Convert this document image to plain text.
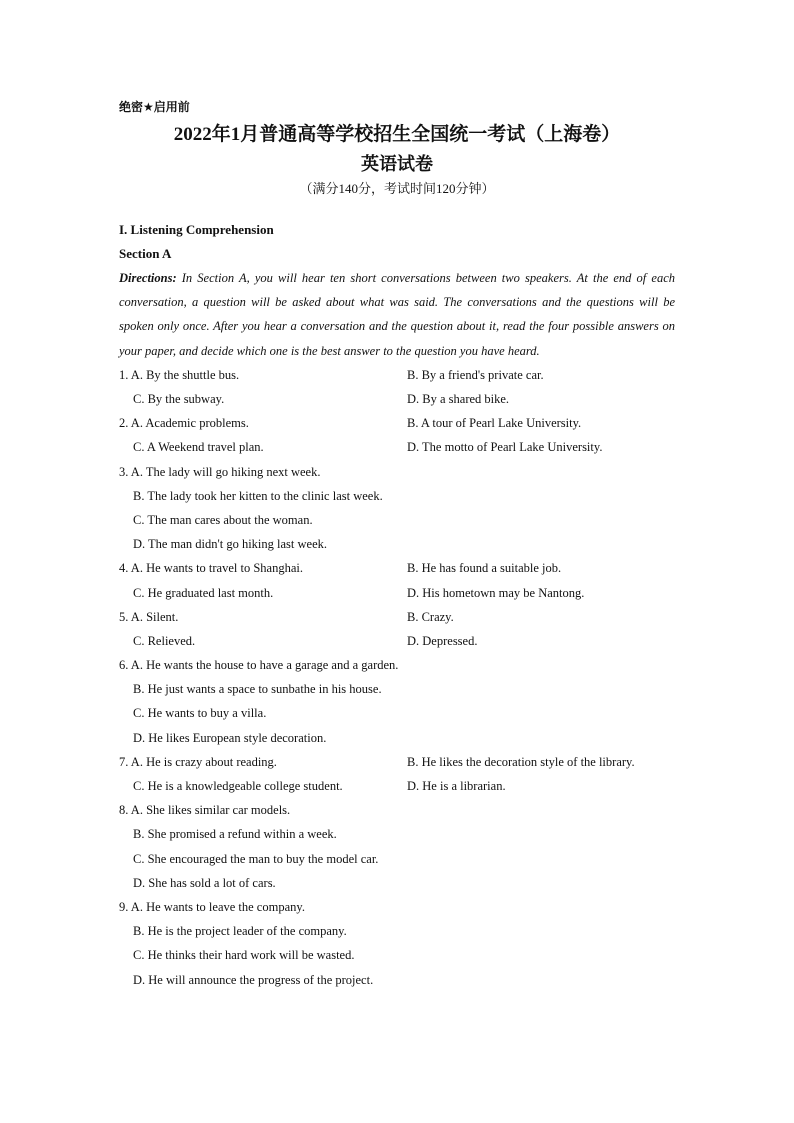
绝密★启用前
2022年1月普通高等学校招生全国统一考试（上海卷）
英语试卷
（满分140分，考试时间120分钟）
I. Listening Comprehension
Section A
Directions: In Section A, you will hear ten short conversations between two speakers. At the end of each conversation, a question will be asked about what was said. The conversations and the questions will be spoken only once. After you hear a conversation and the question about it, read the four possible answers on your paper, and decide which one is the best answer to the question you have heard.
1. A. By the shuttle bus.	B. By a friend's private car.
C. By the subway.	D. By a shared bike.
2. A. Academic problems.	B. A tour of Pearl Lake University.
C. A Weekend travel plan.	D. The motto of Pearl Lake University.
3. A. The lady will go hiking next week.
B. The lady took her kitten to the clinic last week.
C. The man cares about the woman.
D. The man didn't go hiking last week.
4. A. He wants to travel to Shanghai.	B. He has found a suitable job.
C. He graduated last month.	D. His hometown may be Nantong.
5. A. Silent.	B. Crazy.
C. Relieved.	D. Depressed.
6. A. He wants the house to have a garage and a garden.
B. He just wants a space to sunbathe in his house.
C. He wants to buy a villa.
D. He likes European style decoration.
7. A. He is crazy about reading.	B. He likes the decoration style of the library.
C. He is a knowledgeable college student.	D. He is a librarian.
8. A. She likes similar car models.
B. She promised a refund within a week.
C. She encouraged the man to buy the model car.
D. She has sold a lot of cars.
9. A. He wants to leave the company.
B. He is the project leader of the company.
C. He thinks their hard work will be wasted.
D. He will announce the progress of the project.
